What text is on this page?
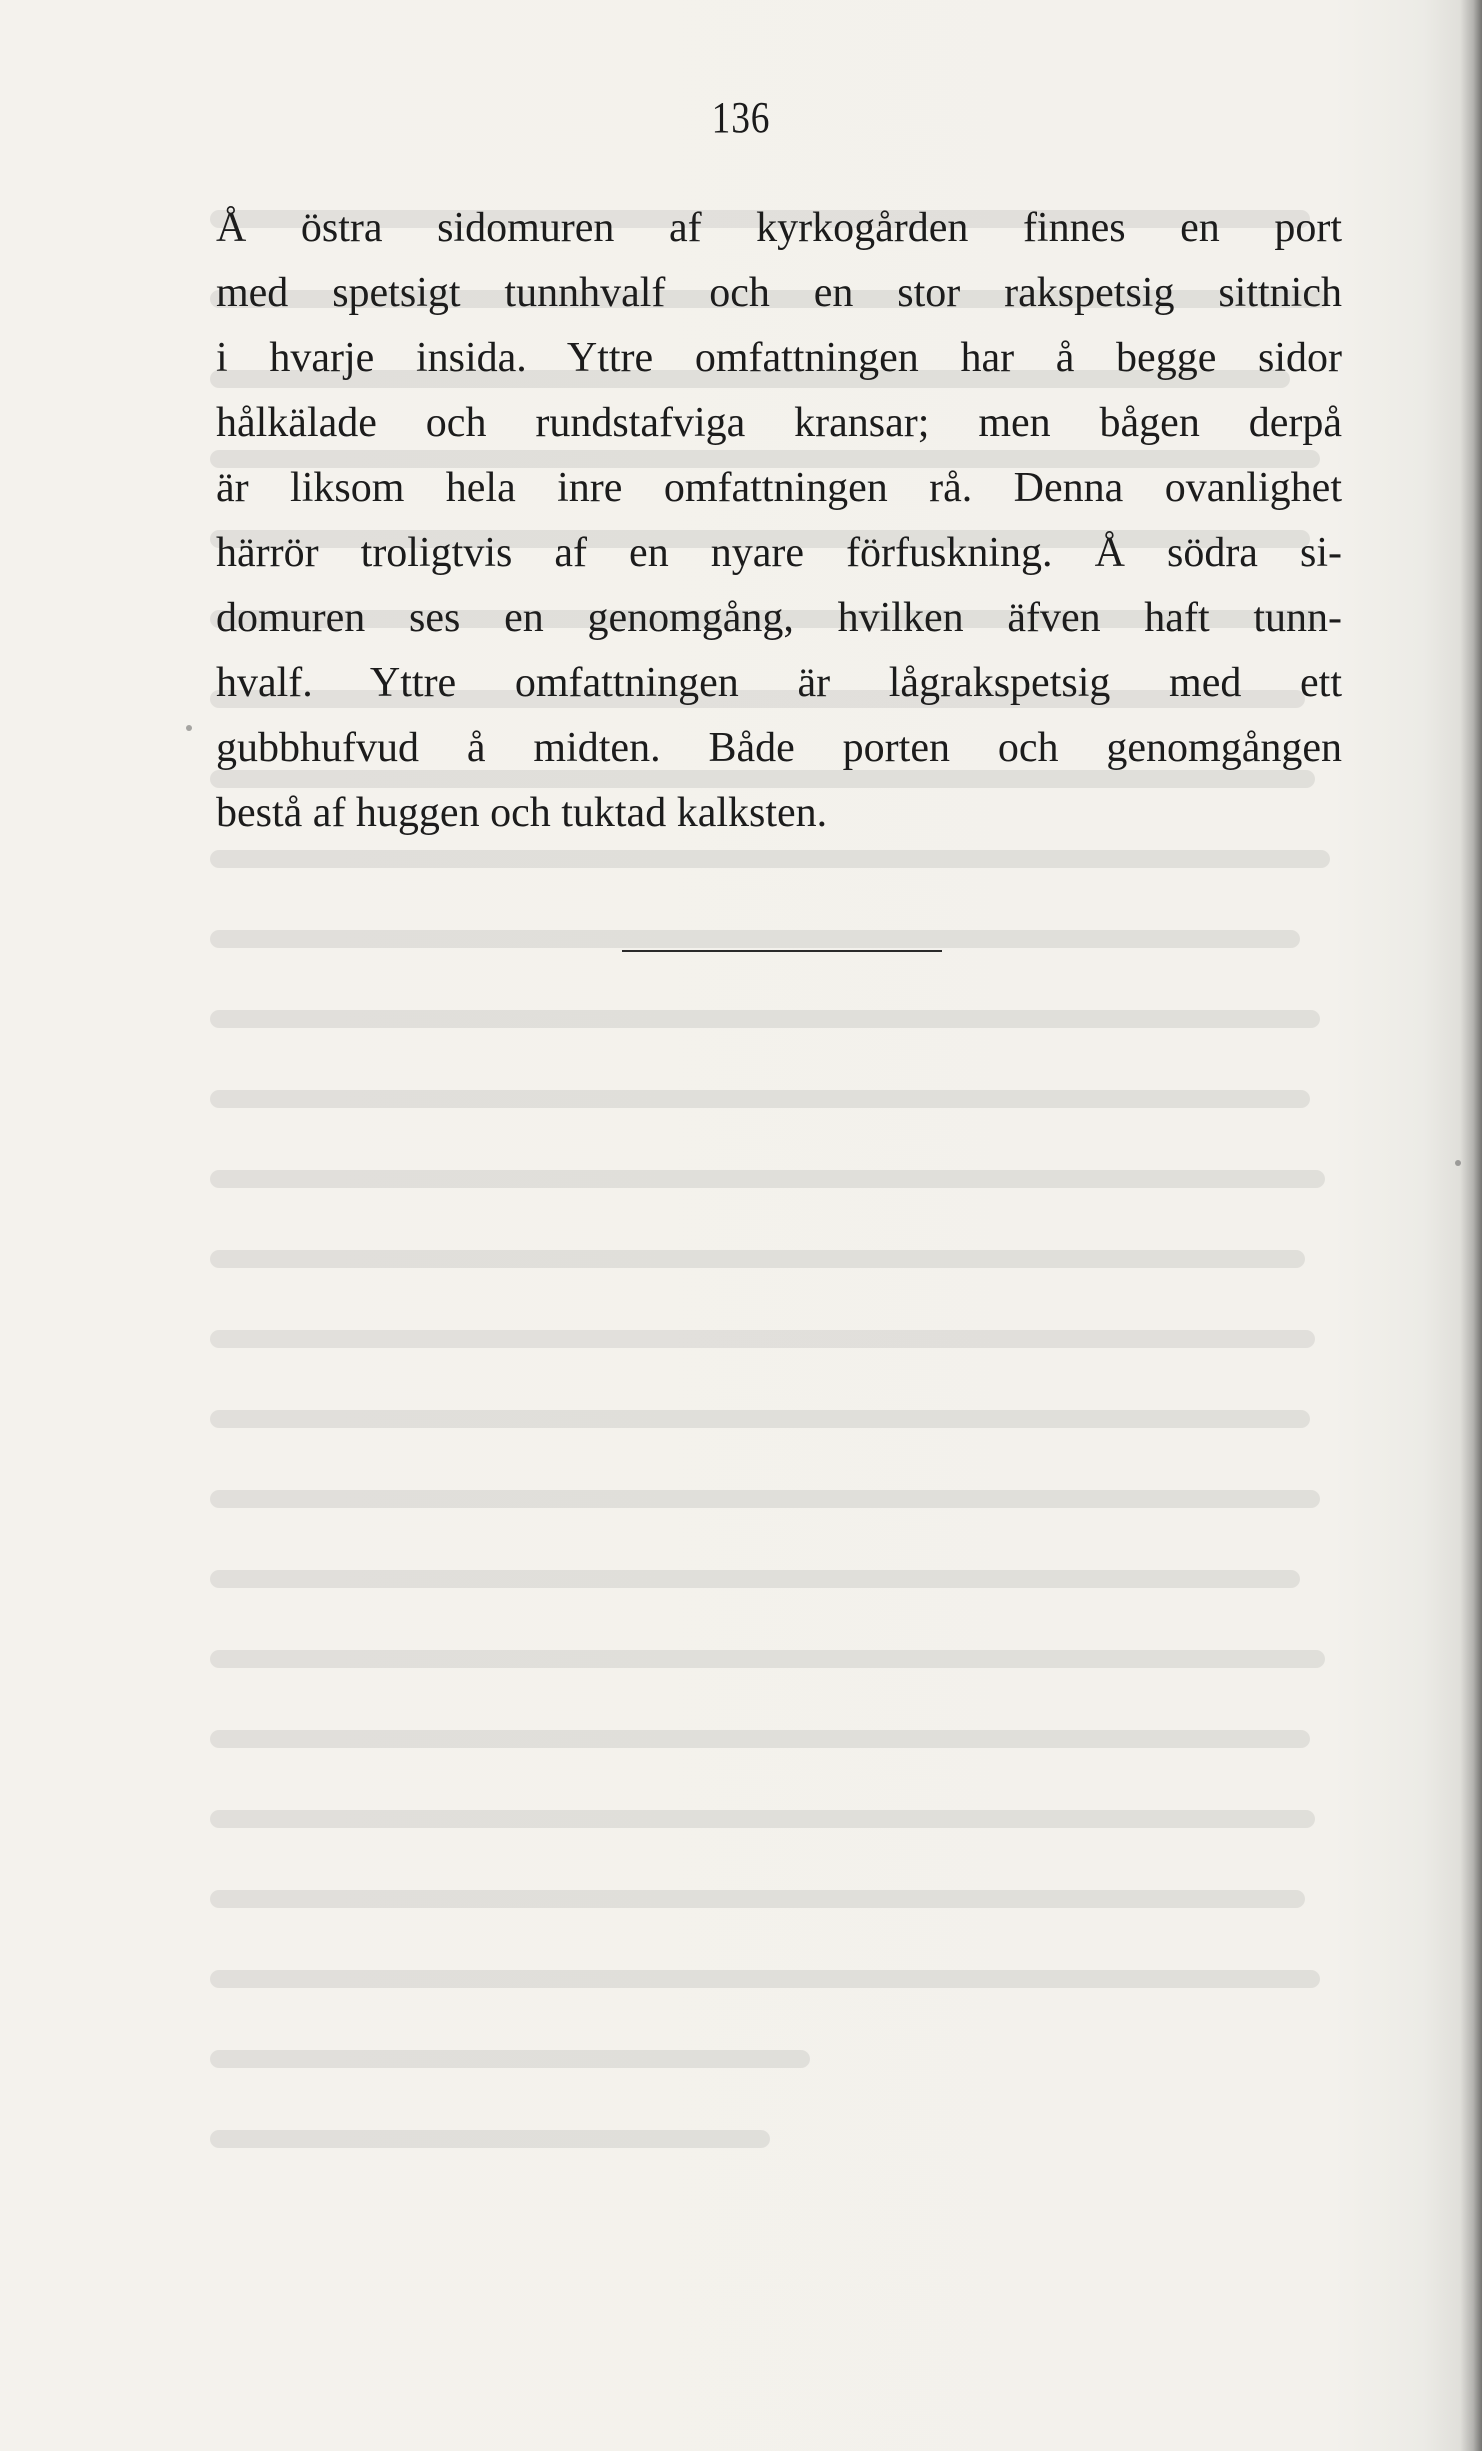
136
Å östra sidomuren af kyrkogården finnes en port
med spetsigt tunnhvalf och en stor rakspetsig sittnich
i hvarje insida. Yttre omfattningen har å begge sidor
hålkälade och rundstafviga kransar; men bågen derpå
är liksom hela inre omfattningen rå. Denna ovanlighet
härrör troligtvis af en nyare förfuskning. Å södra si-
domuren ses en genomgång, hvilken äfven haft tunn-
hvalf. Yttre omfattningen är lågrakspetsig med ett
gubbhufvud å midten. Både porten och genomgången
bestå af huggen och tuktad kalksten.
